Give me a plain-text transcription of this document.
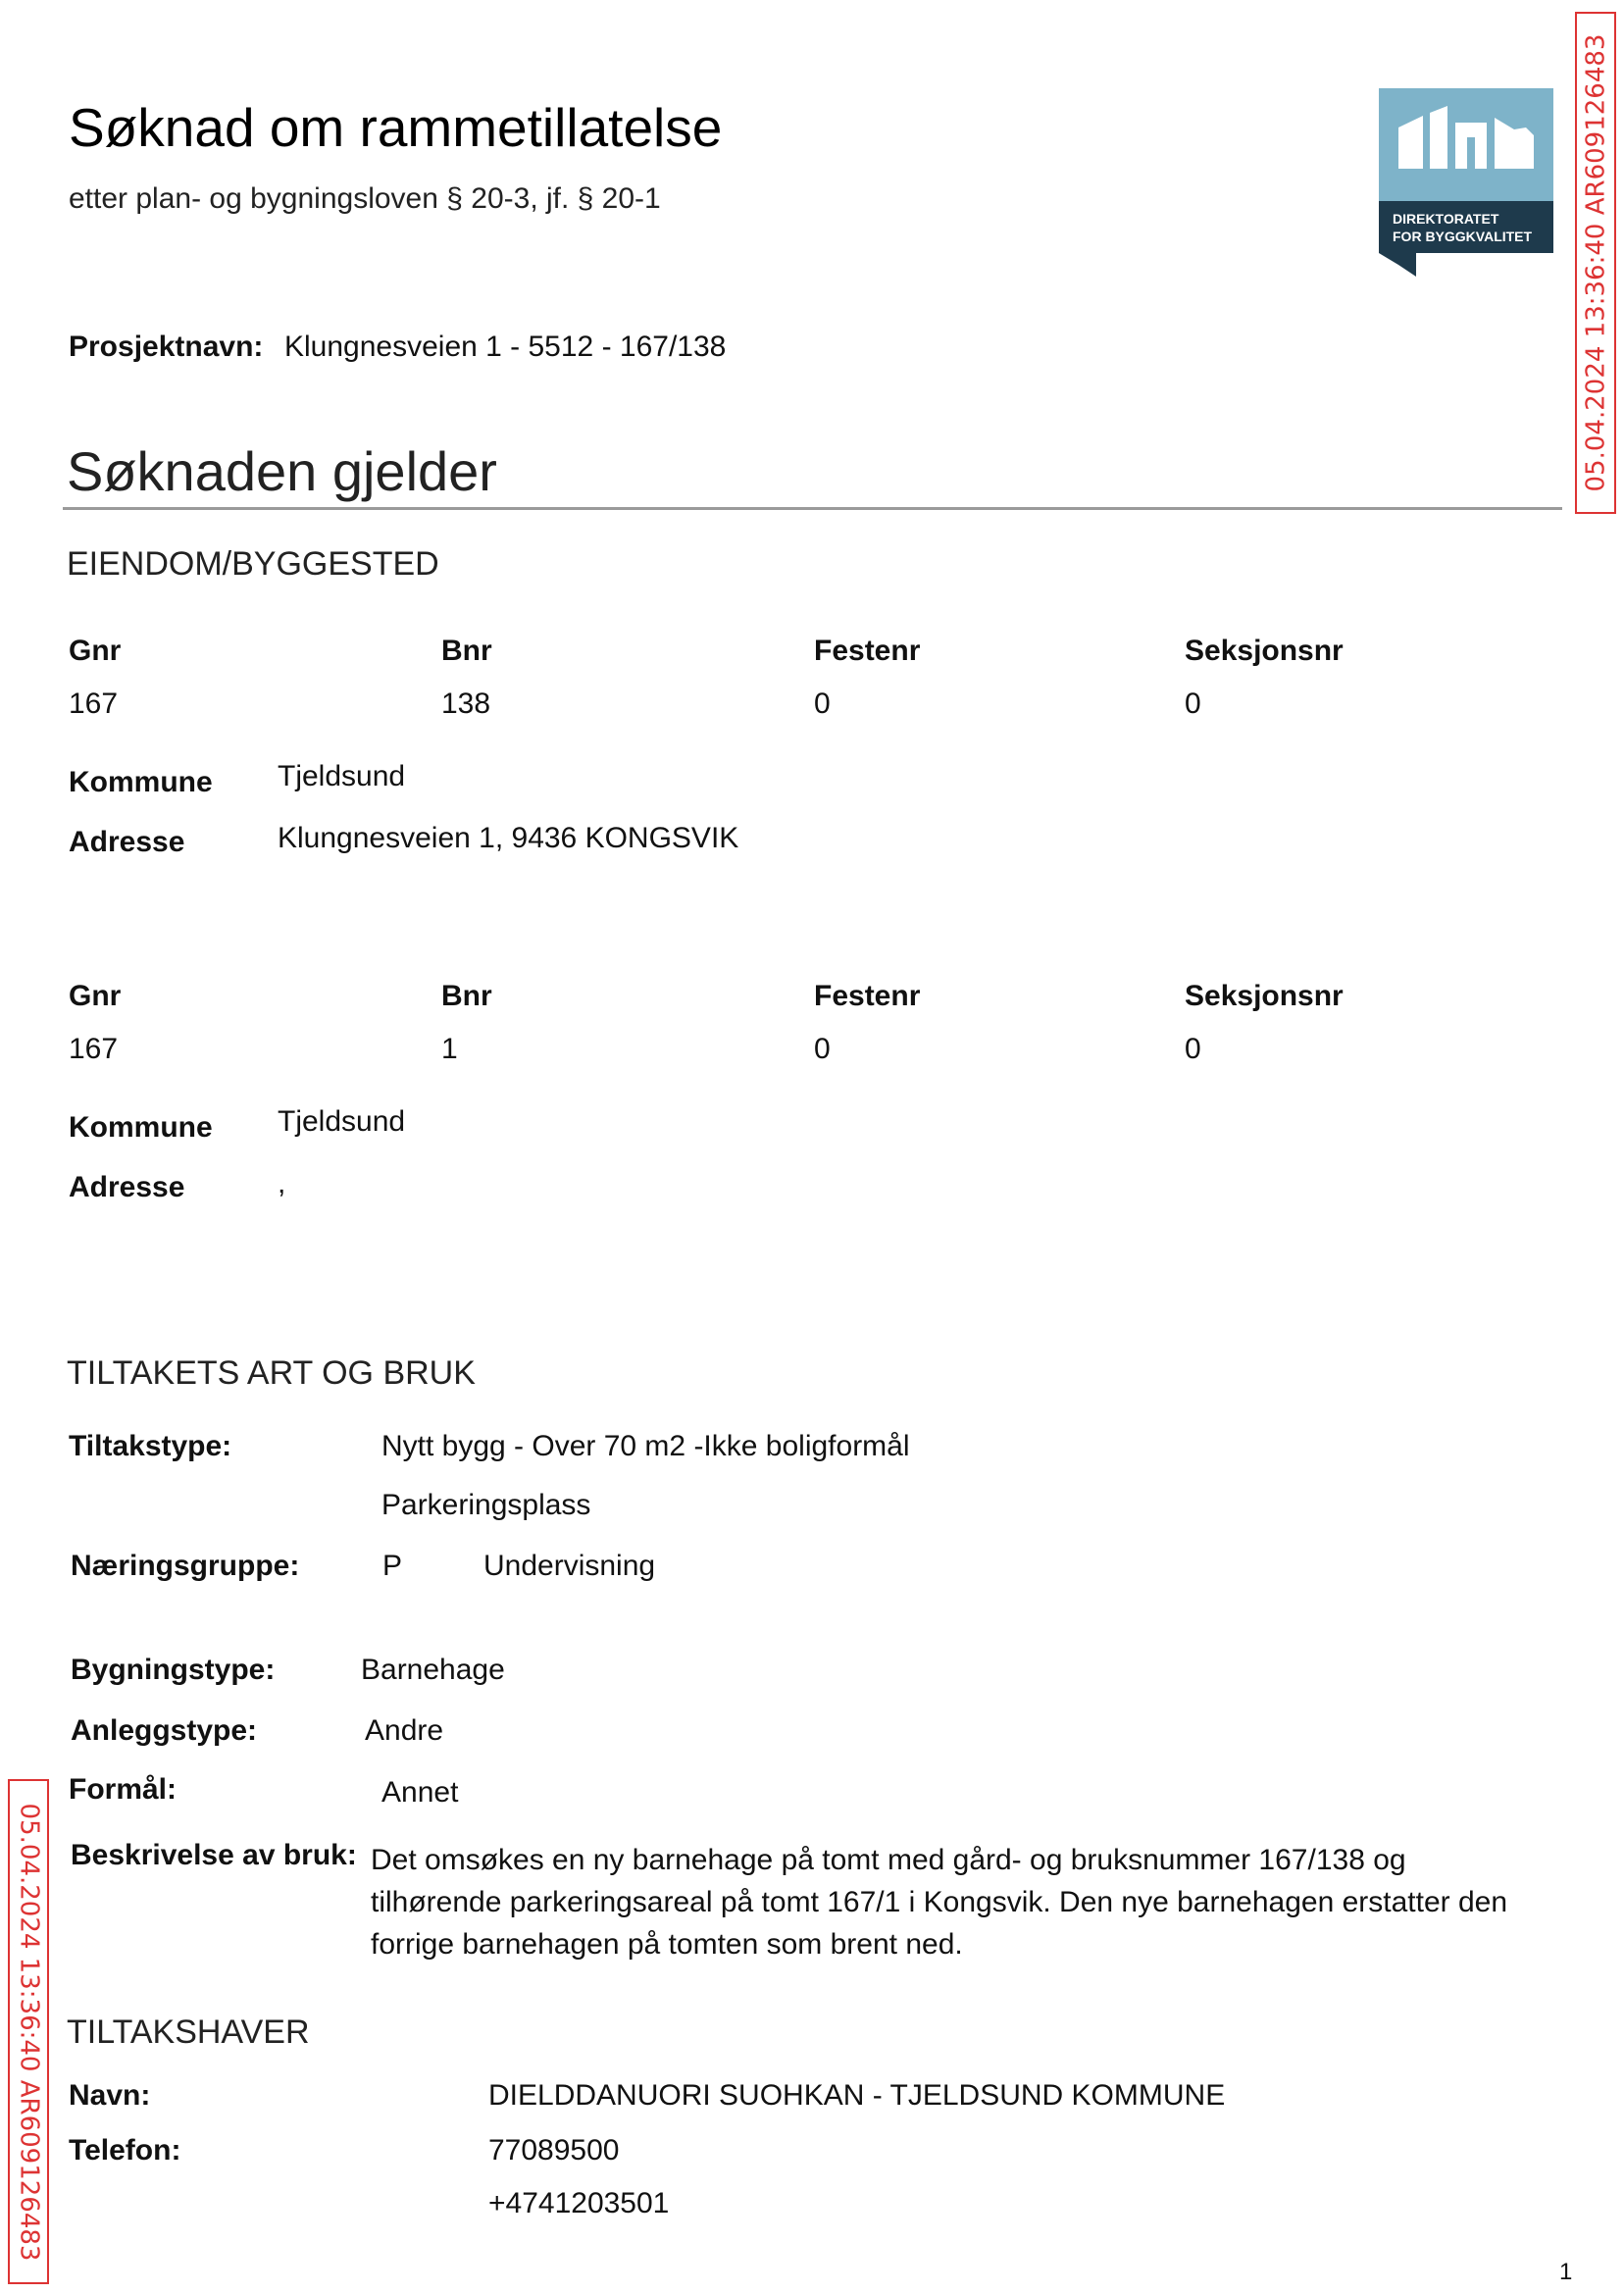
Søknad om rammetillatelse
etter plan- og bygningsloven § 20-3, jf. § 20-1
DIREKTORATET
FOR BYGGKVALITET 05.04.2024 13:36:40 AR609126483
05.04.2024 13:36:40 AR609126483
Prosjektnavn: Klungnesveien 1 - 5512 - 167/138
Søknaden gjelder
EIENDOM/BYGGESTED
Gnr	Bnr	Festenr	Seksjonsnr
167	138	0	0
Kommune Tjeldsund
Adresse	Klungnesveien 1, 9436 KONGSVIK
Gnr	Bnr	Festenr	Seksjonsnr
167	1	0	0
Kommune Tjeldsund
Adresse	,
TILTAKETS ART OG BRUK
Tiltakstype:	Nytt bygg - Over 70 m2 -Ikke boligformål
Parkeringsplass
Næringsgruppe:	P	Undervisning
Bygningstype:	Barnehage
Anleggstype:	Andre
Formål:	Annet
Beskrivelse av bruk: Det omsøkes en ny barnehage på tomt med gård- og bruksnummer 167/138 og
tilhørende parkeringsareal på tomt 167/1 i Kongsvik. Den nye barnehagen erstatter den
forrige barnehagen på tomten som brent ned.
TILTAKSHAVER
Navn:	DIELDDANUORI SUOHKAN - TJELDSUND KOMMUNE
Telefon:	77089500
+4741203501
1
